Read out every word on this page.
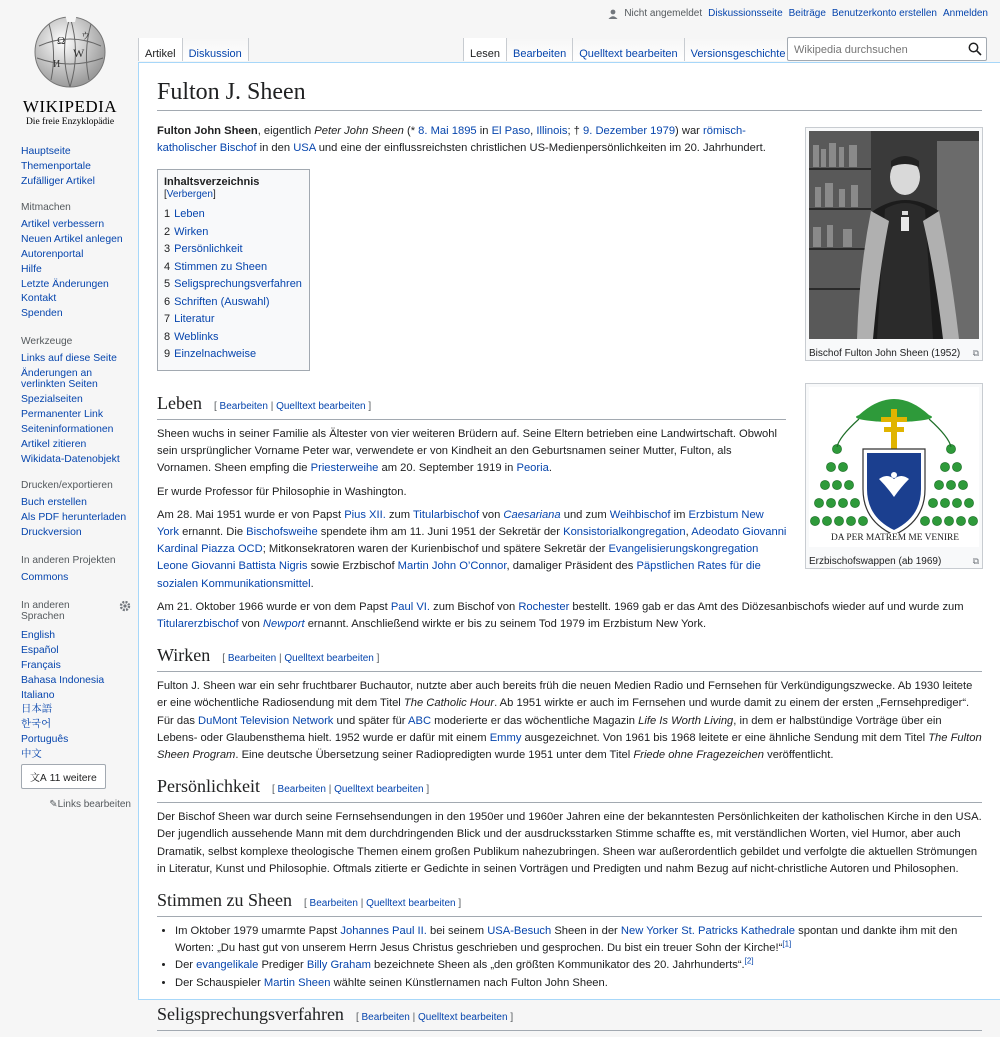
Ω
W
И
ウ
WIKIPEDIA
Die freie Enzyklopädie
Hauptseite
Themenportale
Zufälliger Artikel
Mitmachen
Artikel verbessern
Neuen Artikel anlegen
Autorenportal
Hilfe
Letzte Änderungen
Kontakt
Spenden
Werkzeuge
Links auf diese Seite
Änderungen an verlinkten Seiten
Spezialseiten
Permanenter Link
Seiteninformationen
Artikel zitieren
Wikidata-Datenobjekt
Drucken/exportieren
Buch erstellen
Als PDF herunterladen
Druckversion
In anderen Projekten
Commons
In anderen Sprachen
English
Español
Français
Bahasa Indonesia
Italiano
日本語
한국어
Português
中文
文A 11 weitere
✎Links bearbeiten
Nicht angemeldet Diskussionsseite Beiträge Benutzerkonto erstellen Anmelden
Artikel Diskussion	Lesen Bearbeiten Quelltext bearbeiten Versionsgeschichte
Wikipedia durchsuchen
Bischof Fulton John Sheen (1952) ⧉
DA PER MATREM ME VENIRE
Erzbischofswappen (ab 1969)	⧉
Fulton J. Sheen

Fulton John Sheen, eigentlich Peter John Sheen (* 8. Mai 1895 in El Paso, Illinois; † 9. Dezember 1979) war römisch-katholischer Bischof in den USA und eine der einflussreichsten christlichen US-Medienpersönlichkeiten im 20. Jahrhundert.

Inhaltsverzeichnis [Verbergen]
1 Leben
2 Wirken
3 Persönlichkeit
4 Stimmen zu Sheen
5 Seligsprechungsverfahren
6 Schriften (Auswahl)
7 Literatur
8 Weblinks
9 Einzelnachweise
Leben [ Bearbeiten | Quelltext bearbeiten ]

Sheen wuchs in seiner Familie als Ältester von vier weiteren Brüdern auf. Seine Eltern betrieben eine Landwirtschaft. Obwohl sein ursprünglicher Vorname Peter war, verwendete er von Kindheit an den Geburtsnamen seiner Mutter, Fulton, als Vornamen. Sheen empfing die Priesterweihe am 20. September 1919 in Peoria.

Er wurde Professor für Philosophie in Washington.

Am 28. Mai 1951 wurde er von Papst Pius XII. zum Titularbischof von Caesariana und zum Weihbischof im Erzbistum New York ernannt. Die Bischofsweihe spendete ihm am 11. Juni 1951 der Sekretär der Konsistorialkongregation, Adeodato Giovanni Kardinal Piazza OCD; Mitkonsekratoren waren der Kurienbischof und spätere Sekretär der Evangelisierungskongregation Leone Giovanni Battista Nigris sowie Erzbischof Martin John O’Connor, damaliger Präsident des Päpstlichen Rates für die sozialen Kommunikationsmittel.

Am 21. Oktober 1966 wurde er von dem Papst Paul VI. zum Bischof von Rochester bestellt. 1969 gab er das Amt des Diözesanbischofs wieder auf und wurde zum Titularerzbischof von Newport ernannt. Anschließend wirkte er bis zu seinem Tod 1979 im Erzbistum New York.

Wirken [ Bearbeiten | Quelltext bearbeiten ]

Fulton J. Sheen war ein sehr fruchtbarer Buchautor, nutzte aber auch bereits früh die neuen Medien Radio und Fernsehen für Verkündigungszwecke. Ab 1930 leitete er eine wöchentliche Radiosendung mit dem Titel The Catholic Hour. Ab 1951 wirkte er auch im Fernsehen und wurde damit zu einem der ersten „Fernsehprediger“. Für das DuMont Television Network und später für ABC moderierte er das wöchentliche Magazin Life Is Worth Living, in dem er halbstündige Vorträge über ein Lebens- oder Glaubensthema hielt. 1952 wurde er dafür mit einem Emmy ausgezeichnet. Von 1961 bis 1968 leitete er eine ähnliche Sendung mit dem Titel The Fulton Sheen Program. Eine deutsche Übersetzung seiner Radiopredigten wurde 1951 unter dem Titel Friede ohne Fragezeichen veröffentlicht.

Persönlichkeit [ Bearbeiten | Quelltext bearbeiten ]

Der Bischof Sheen war durch seine Fernsehsendungen in den 1950er und 1960er Jahren eine der bekanntesten Persönlichkeiten der katholischen Kirche in den USA. Der jugendlich aussehende Mann mit dem durchdringenden Blick und der ausdrucksstarken Stimme schaffte es, mit verständlichen Worten, viel Humor, aber auch Dramatik, selbst komplexe theologische Themen einem großen Publikum nahezubringen. Sheen war außerordentlich gebildet und verfolgte die aktuellen Strömungen in Literatur, Kunst und Philosophie. Oftmals zitierte er Gedichte in seinen Vorträgen und Predigten und nahm Bezug auf nicht-christliche Autoren und Philosophen.

Stimmen zu Sheen [ Bearbeiten | Quelltext bearbeiten ]
• Im Oktober 1979 umarmte Papst Johannes Paul II. bei seinem USA-Besuch Sheen in der New Yorker St. Patricks Kathedrale spontan und dankte ihm mit den Worten: „Du hast gut von unserem Herrn Jesus Christus geschrieben und gesprochen. Du bist ein treuer Sohn der Kirche!“[1]
• Der evangelikale Prediger Billy Graham bezeichnete Sheen als „den größten Kommunikator des 20. Jahrhunderts“.[2]
• Der Schauspieler Martin Sheen wählte seinen Künstlernamen nach Fulton John Sheen.
Seligsprechungsverfahren [ Bearbeiten | Quelltext bearbeiten ]
